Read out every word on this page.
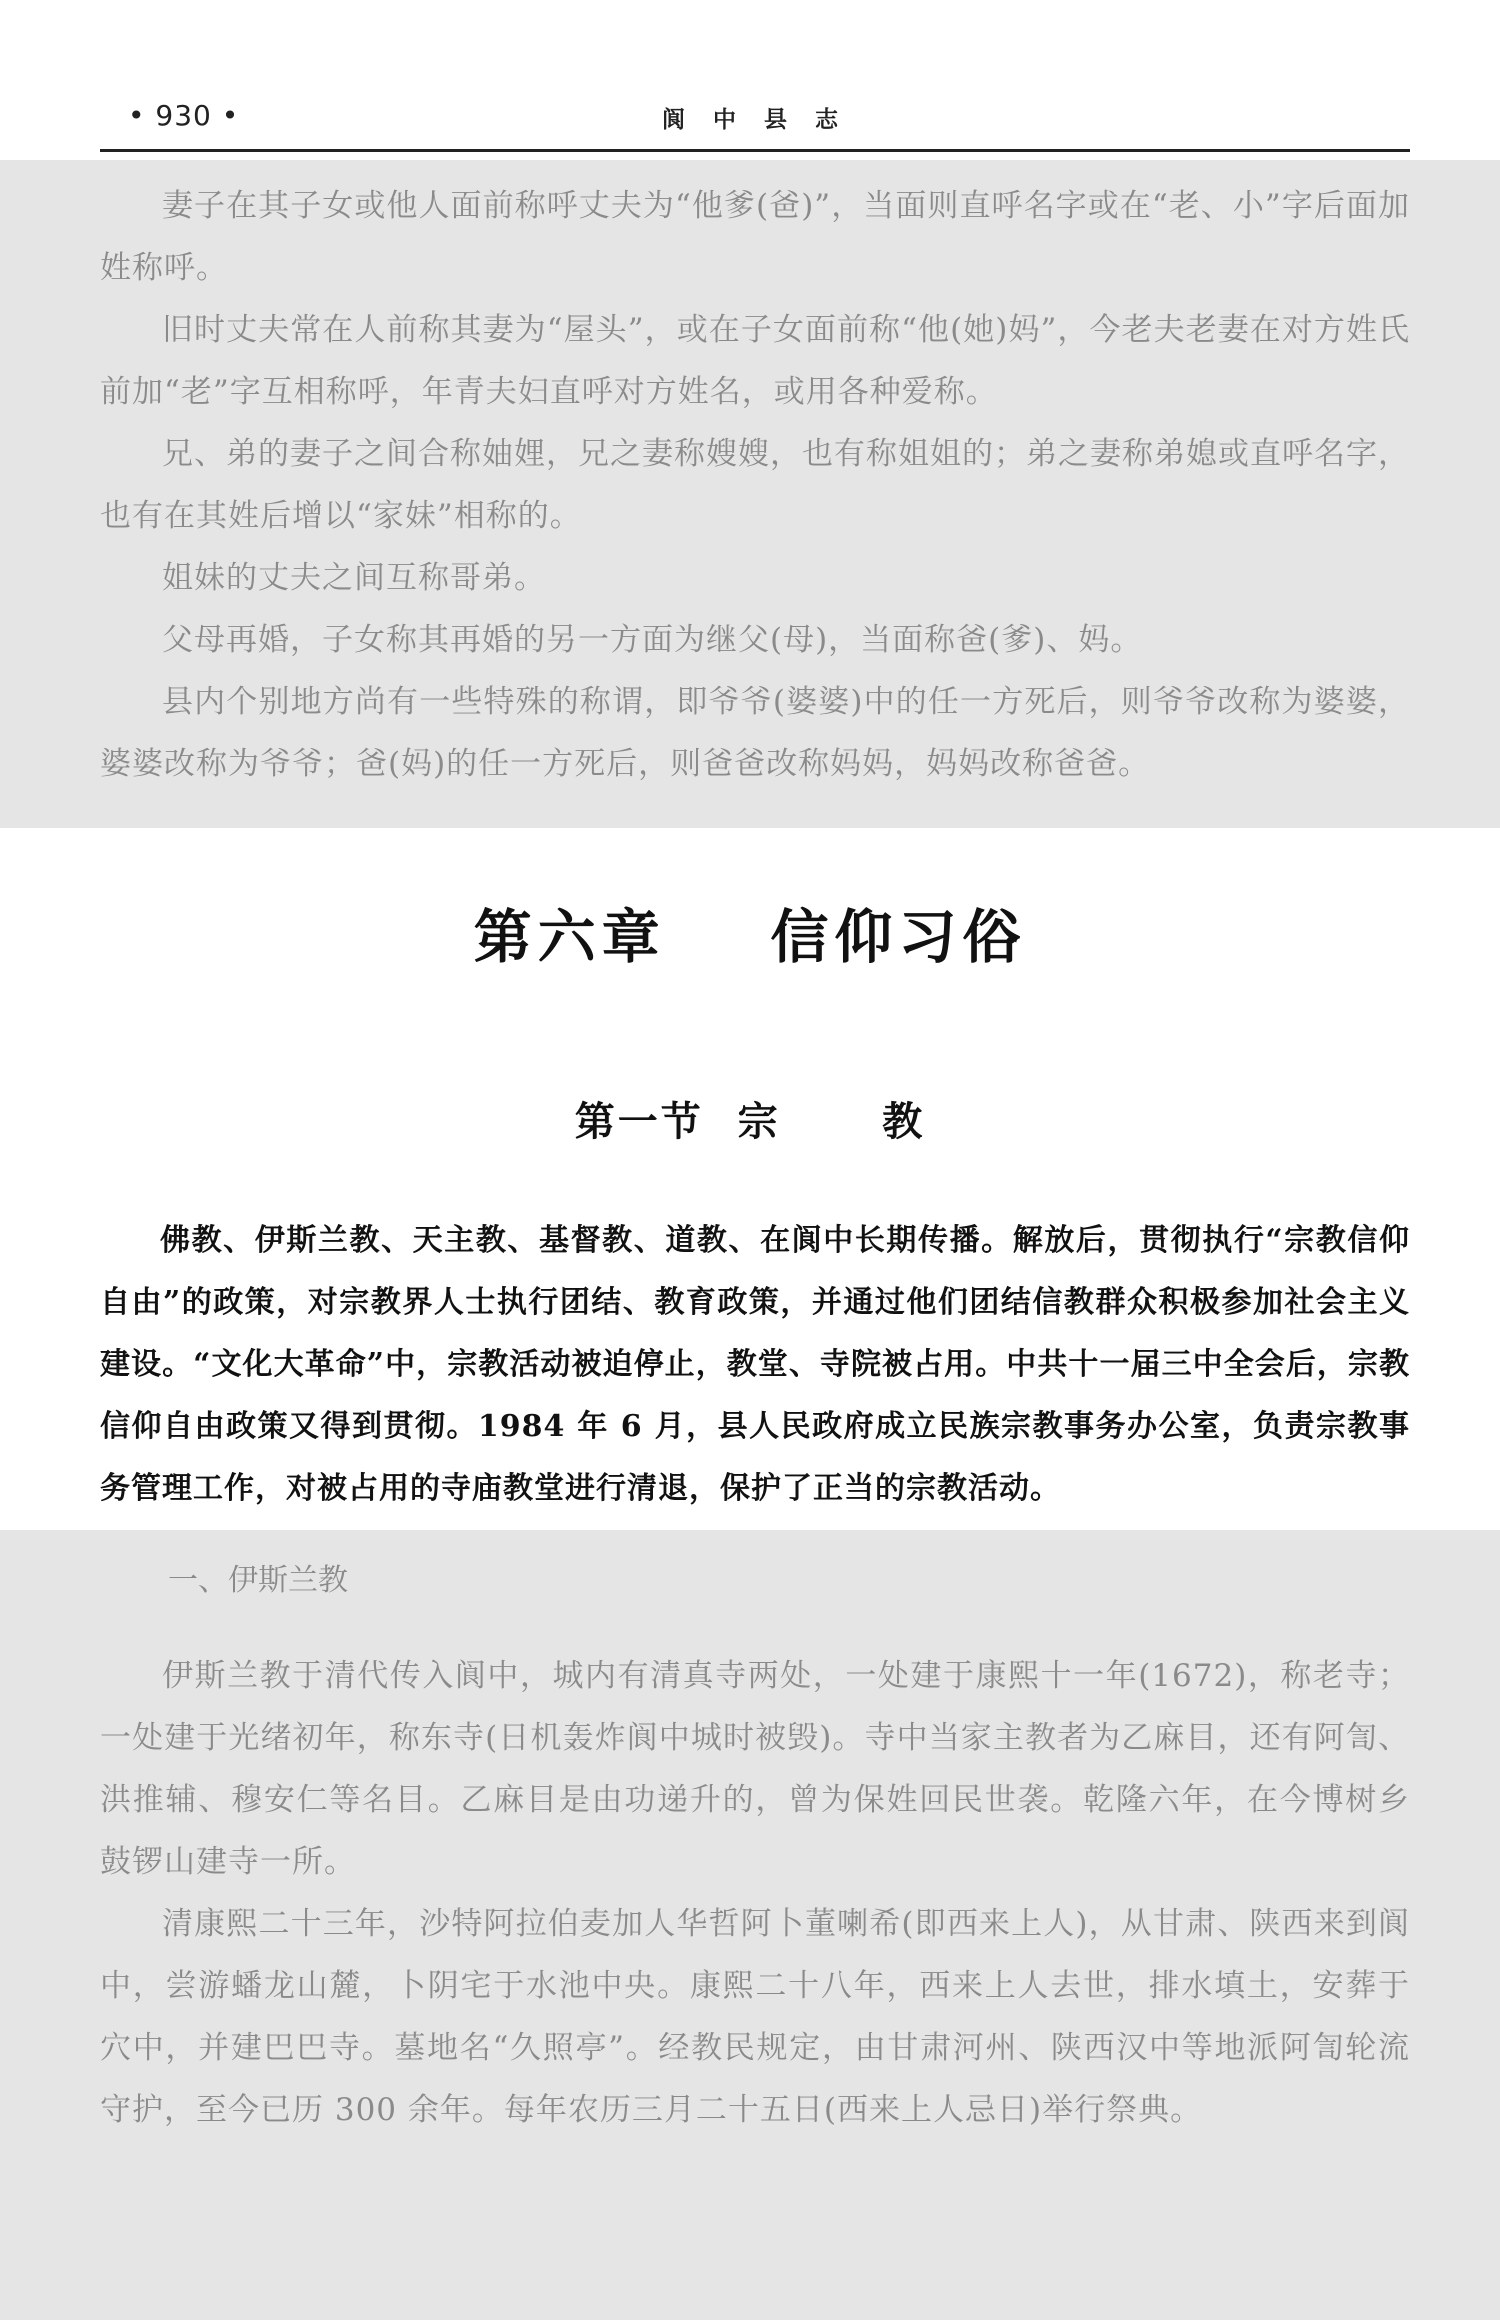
• 930 •	阆 中 县 志

妻子在其子女或他人面前称呼丈夫为“他爹(爸)”，当面则直呼名字或在“老、小”字后面加姓称呼。

旧时丈夫常在人前称其妻为“屋头”，或在子女面前称“他(她)妈”，今老夫老妻在对方姓氏前加“老”字互相称呼，年青夫妇直呼对方姓名，或用各种爱称。

兄、弟的妻子之间合称妯娌，兄之妻称嫂嫂，也有称姐姐的；弟之妻称弟媳或直呼名字，也有在其姓后增以“家妹”相称的。

姐妹的丈夫之间互称哥弟。

父母再婚，子女称其再婚的另一方面为继父(母)，当面称爸(爹)、妈。

县内个别地方尚有一些特殊的称谓，即爷爷(婆婆)中的任一方死后，则爷爷改称为婆婆，婆婆改称为爷爷；爸(妈)的任一方死后，则爸爸改称妈妈，妈妈改称爸爸。

第六章    信仰习俗
第一节  宗      教

佛教、伊斯兰教、天主教、基督教、道教、在阆中长期传播。解放后，贯彻执行“宗教信仰自由”的政策，对宗教界人士执行团结、教育政策，并通过他们团结信教群众积极参加社会主义建设。“文化大革命”中，宗教活动被迫停止，教堂、寺院被占用。中共十一届三中全会后，宗教信仰自由政策又得到贯彻。1984 年 6 月，县人民政府成立民族宗教事务办公室，负责宗教事务管理工作，对被占用的寺庙教堂进行清退，保护了正当的宗教活动。

一、伊斯兰教

伊斯兰教于清代传入阆中，城内有清真寺两处，一处建于康熙十一年(1672)，称老寺；一处建于光绪初年，称东寺(日机轰炸阆中城时被毁)。寺中当家主教者为乙麻目，还有阿訇、洪推辅、穆安仁等名目。乙麻目是由功递升的，曾为保姓回民世袭。乾隆六年，在今博树乡鼓锣山建寺一所。

清康熙二十三年，沙特阿拉伯麦加人华哲阿卜董喇希(即西来上人)，从甘肃、陕西来到阆中，尝游蟠龙山麓，卜阴宅于水池中央。康熙二十八年，西来上人去世，排水填土，安葬于穴中，并建巴巴寺。墓地名“久照亭”。经教民规定，由甘肃河州、陕西汉中等地派阿訇轮流守护，至今已历 300 余年。每年农历三月二十五日(西来上人忌日)举行祭典。
